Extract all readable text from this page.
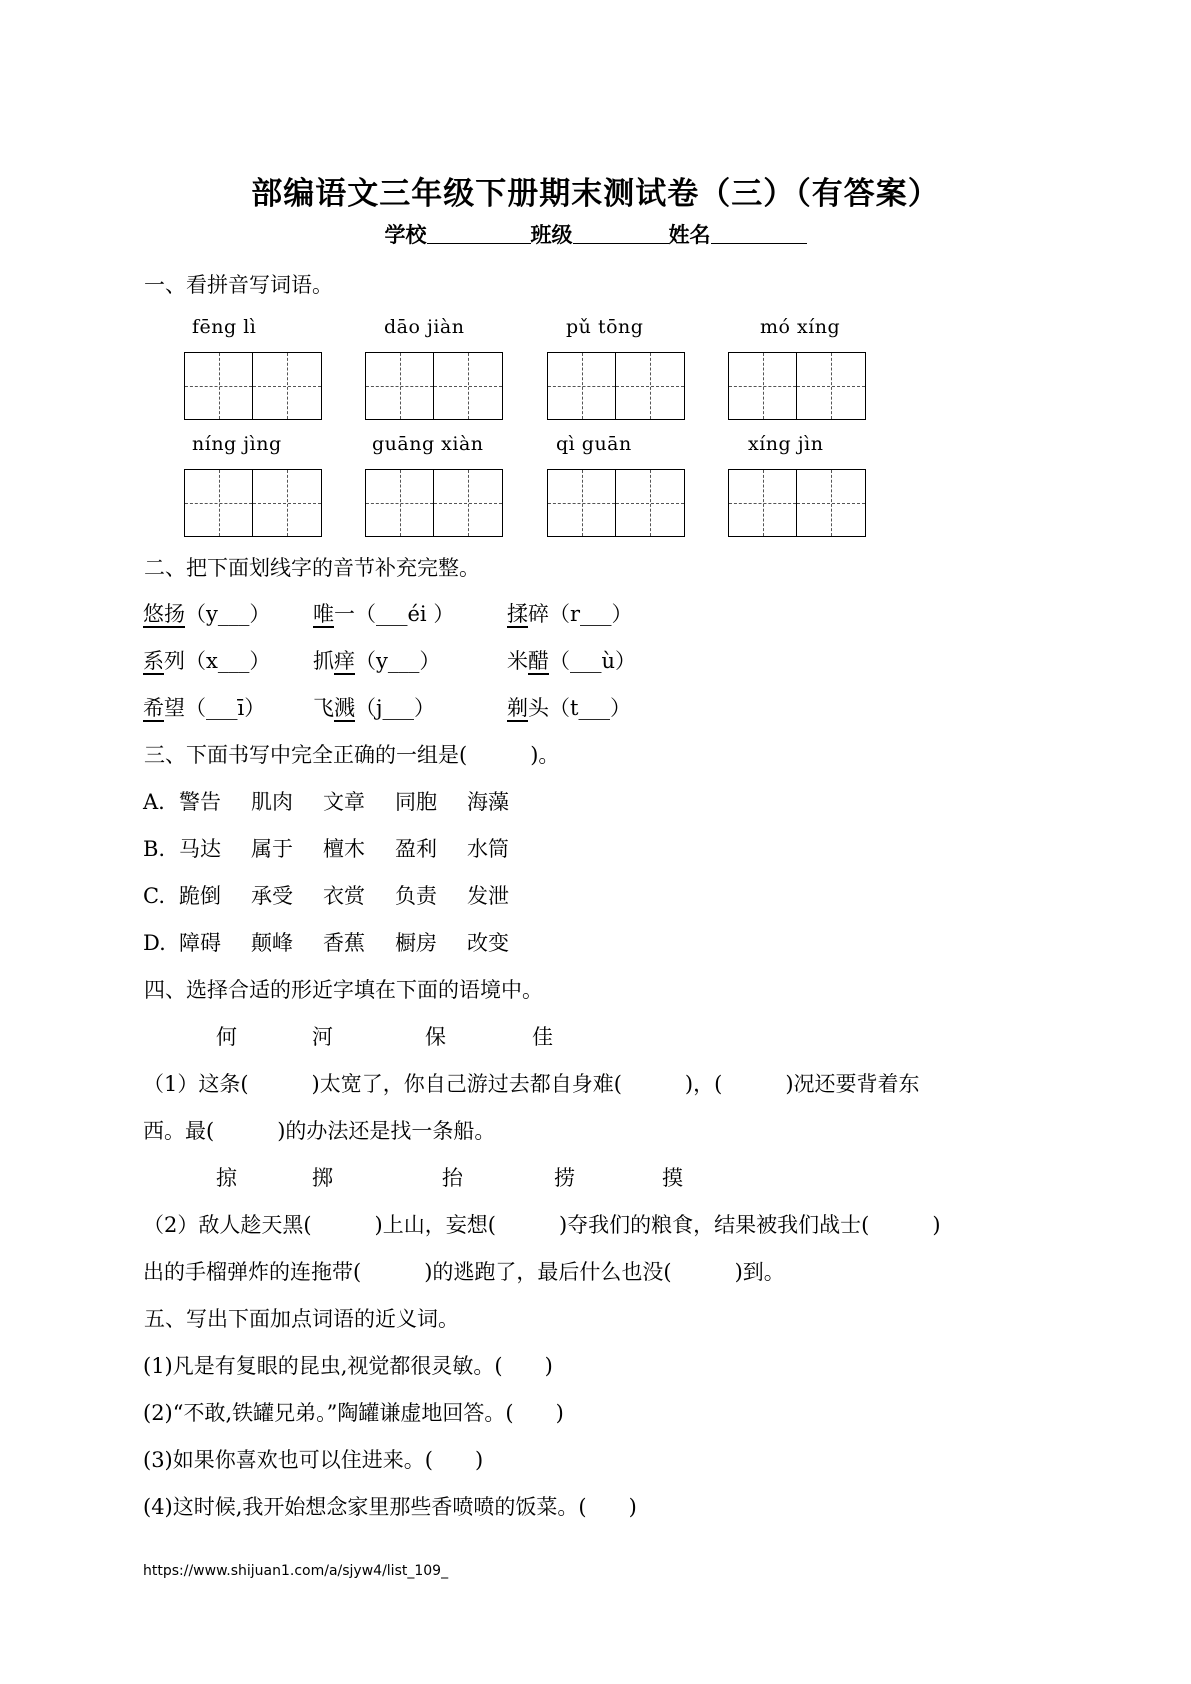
部编语文三年级下册期末测试卷（三）（有答案）
学校	班级	姓名
一、看拼音写词语。
fēng lì	dāo jiàn	pǔ tōng	mó xíng
níng jìng	guāng xiàn	qì guān	xíng jìn
二、把下面划线字的音节补充完整。
悠扬（y___） 唯一（___éi ）	揉碎（r___）
系列（x___） 抓痒（y___）	米醋（___ù）
希望（___ī） 飞溅（j___）	剃头（t___）
三、下面书写中完全正确的一组是(　　　)。
A. 警告 肌肉 文章 同胞 海藻
B. 马达 属于 檀木 盈利 水筒
C. 跪倒 承受 衣赏 负责 发泄
D. 障碍 颠峰 香蕉 橱房 改变
四、选择合适的形近字填在下面的语境中。
何	河	保	佳
（1）这条(　　　)太宽了，你自己游过去都自身难(　　　)，(　　　)况还要背着东
西。最(　　　)的办法还是找一条船。
掠	掷	抬	捞	摸
（2）敌人趁天黑(　　　)上山，妄想(　　　)夺我们的粮食，结果被我们战士(　　　)
出的手榴弹炸的连拖带(　　　)的逃跑了，最后什么也没(　　　)到。
五、写出下面加点词语的近义词。
(1)凡是有复眼的昆虫,视觉都很灵敏。(　　)
(2)“不敢,铁罐兄弟。”陶罐谦虚地回答。(　　)
(3)如果你喜欢也可以住进来。(　　)
(4)这时候,我开始想念家里那些香喷喷的饭菜。(　　)
https://www.shijuan1.com/a/sjyw4/list_109_
